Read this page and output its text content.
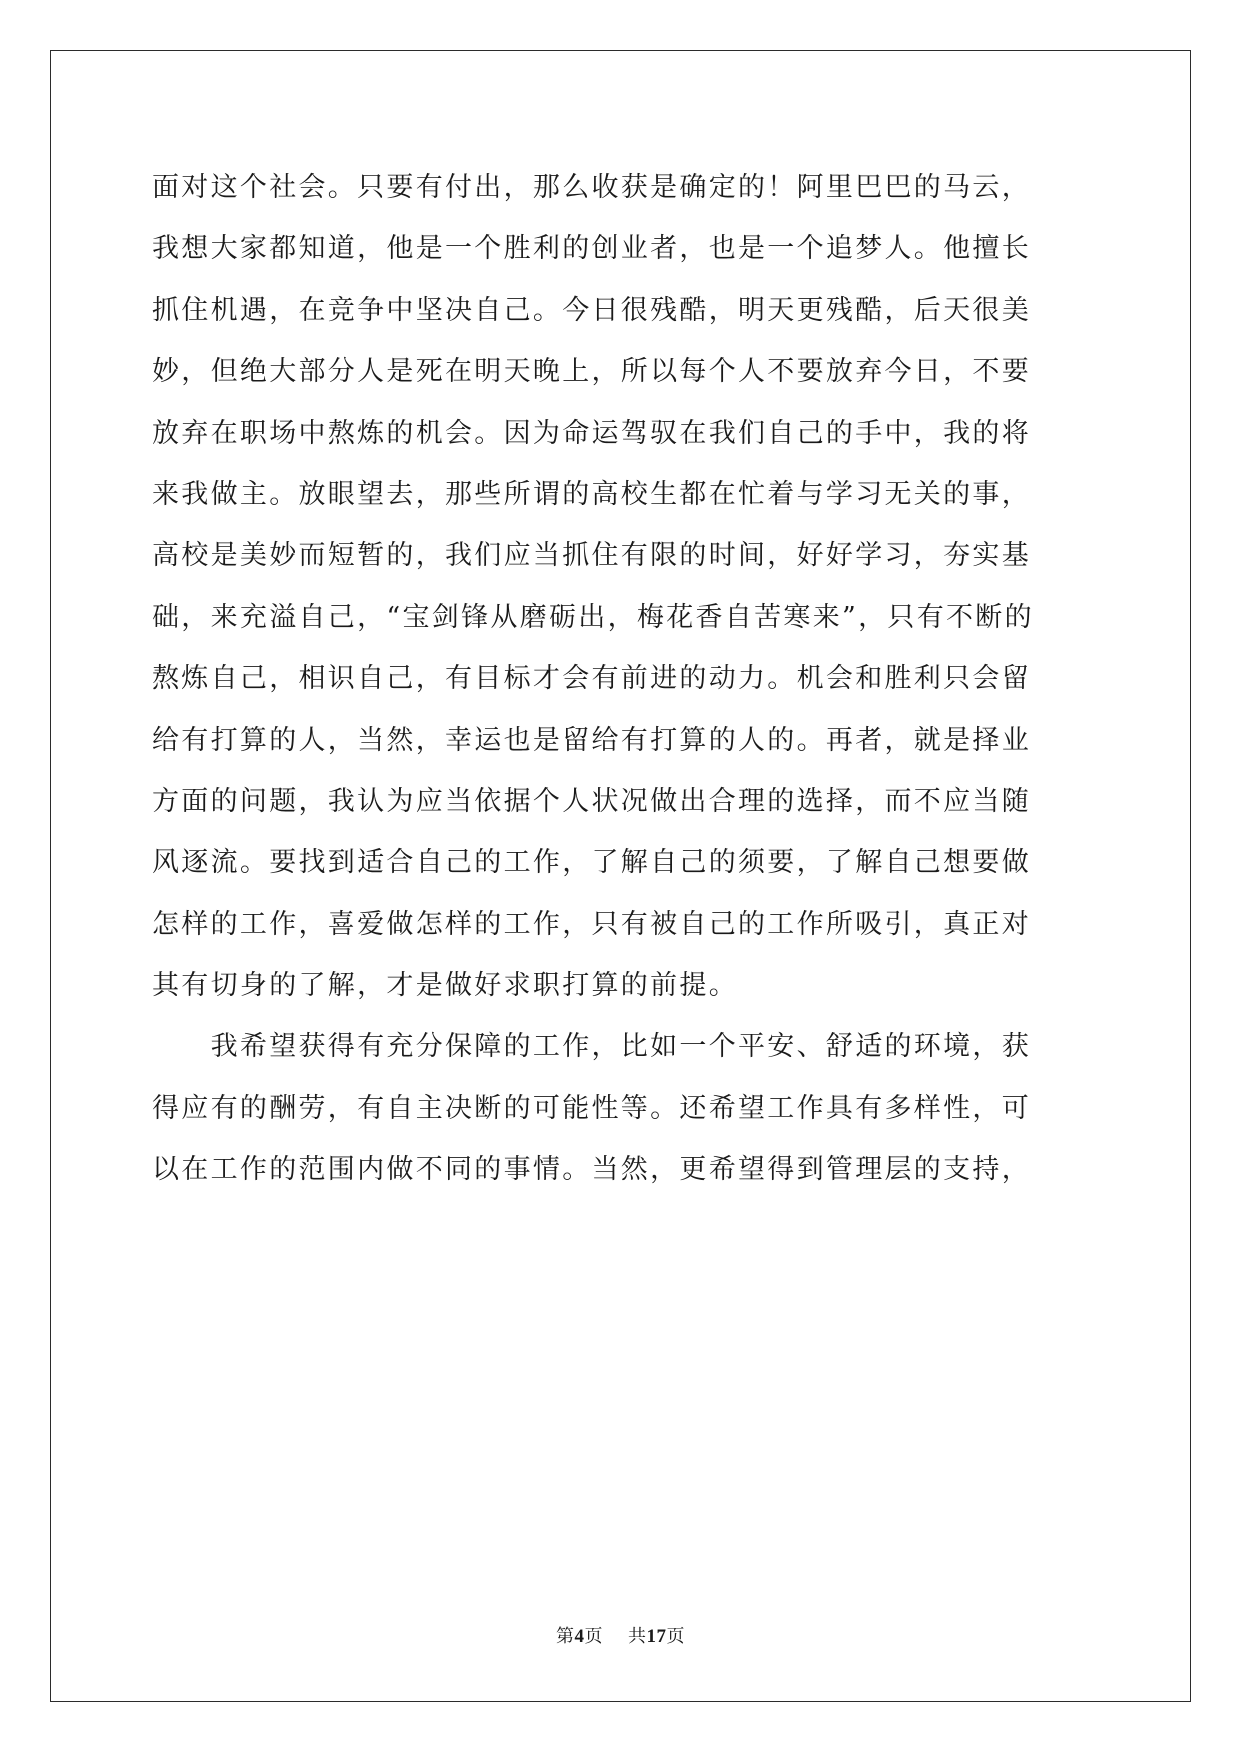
面对这个社会。只要有付出，那么收获是确定的！阿里巴巴的马云，
我想大家都知道，他是一个胜利的创业者，也是一个追梦人。他擅长
抓住机遇，在竞争中坚决自己。今日很残酷，明天更残酷，后天很美
妙，但绝大部分人是死在明天晚上，所以每个人不要放弃今日，不要
放弃在职场中熬炼的机会。因为命运驾驭在我们自己的手中，我的将
来我做主。放眼望去，那些所谓的高校生都在忙着与学习无关的事，
高校是美妙而短暂的，我们应当抓住有限的时间，好好学习，夯实基
础，来充溢自己，“宝剑锋从磨砺出，梅花香自苦寒来”，只有不断的
熬炼自己，相识自己，有目标才会有前进的动力。机会和胜利只会留
给有打算的人，当然，幸运也是留给有打算的人的。再者，就是择业
方面的问题，我认为应当依据个人状况做出合理的选择，而不应当随
风逐流。要找到适合自己的工作，了解自己的须要，了解自己想要做
怎样的工作，喜爱做怎样的工作，只有被自己的工作所吸引，真正对
其有切身的了解，才是做好求职打算的前提。
　　我希望获得有充分保障的工作，比如一个平安、舒适的环境，获
得应有的酬劳，有自主决断的可能性等。还希望工作具有多样性，可
以在工作的范围内做不同的事情。当然，更希望得到管理层的支持，
第4页 共17页
